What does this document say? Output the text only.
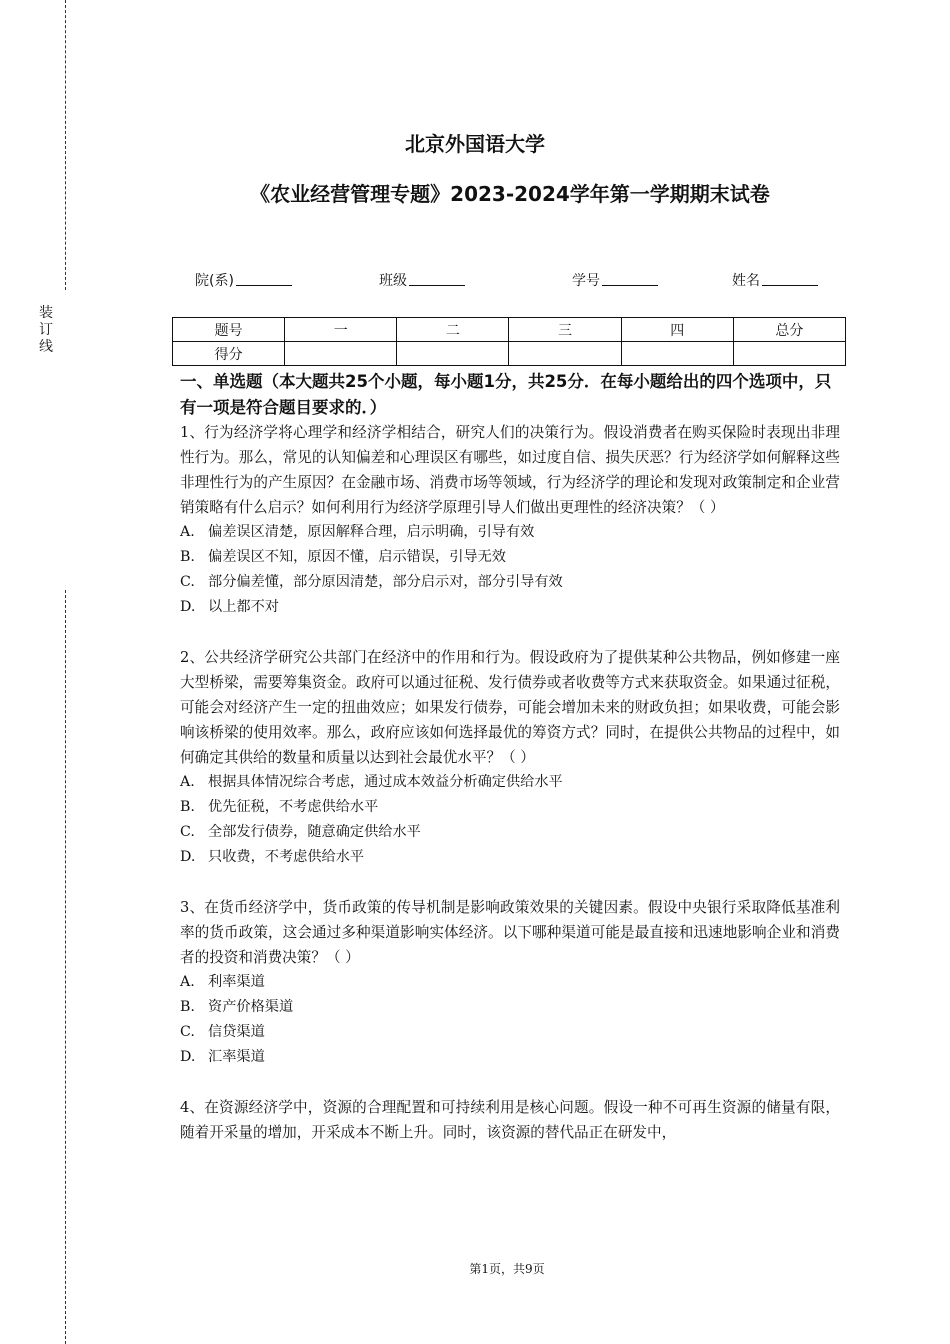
装
订
线
北京外国语大学
《农业经营管理专题》2023-2024学年第一学期期末试卷
院(系)	班级	学号	姓名
题号	一	二	三	四	总分
得分					
一、单选题（本大题共25个小题，每小题1分，共25分．在每小题给出的四个选项中，只有一项是符合题目要求的．）

1、行为经济学将心理学和经济学相结合，研究人们的决策行为。假设消费者在购买保险时表现出非理性行为。那么，常见的认知偏差和心理误区有哪些，如过度自信、损失厌恶？行为经济学如何解释这些非理性行为的产生原因？在金融市场、消费市场等领域，行为经济学的理论和发现对政策制定和企业营销策略有什么启示？如何利用行为经济学原理引导人们做出更理性的经济决策？（ ）

A. 偏差误区清楚，原因解释合理，启示明确，引导有效

B. 偏差误区不知，原因不懂，启示错误，引导无效

C. 部分偏差懂，部分原因清楚，部分启示对，部分引导有效

D. 以上都不对

2、公共经济学研究公共部门在经济中的作用和行为。假设政府为了提供某种公共物品，例如修建一座大型桥梁，需要筹集资金。政府可以通过征税、发行债券或者收费等方式来获取资金。如果通过征税，可能会对经济产生一定的扭曲效应；如果发行债券，可能会增加未来的财政负担；如果收费，可能会影响该桥梁的使用效率。那么，政府应该如何选择最优的筹资方式？同时，在提供公共物品的过程中，如何确定其供给的数量和质量以达到社会最优水平？（ ）

A. 根据具体情况综合考虑，通过成本效益分析确定供给水平

B. 优先征税，不考虑供给水平

C. 全部发行债券，随意确定供给水平

D. 只收费，不考虑供给水平

3、在货币经济学中，货币政策的传导机制是影响政策效果的关键因素。假设中央银行采取降低基准利率的货币政策，这会通过多种渠道影响实体经济。以下哪种渠道可能是最直接和迅速地影响企业和消费者的投资和消费决策？（ ）

A. 利率渠道

B. 资产价格渠道

C. 信贷渠道

D. 汇率渠道

4、在资源经济学中，资源的合理配置和可持续利用是核心问题。假设一种不可再生资源的储量有限，随着开采量的增加，开采成本不断上升。同时，该资源的替代品正在研发中，

第1页，共9页
